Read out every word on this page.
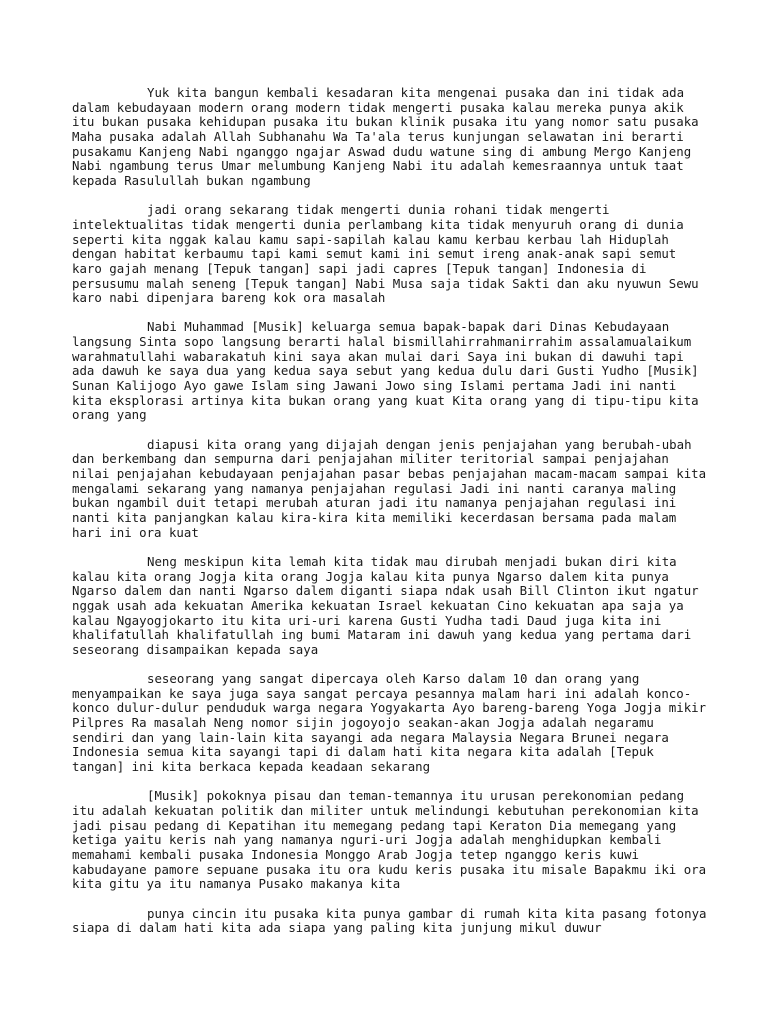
Yuk kita bangun kembali kesadaran kita mengenai pusaka dan ini tidak ada dalam kebudayaan modern orang modern tidak mengerti pusaka kalau mereka punya akik itu bukan pusaka kehidupan pusaka itu bukan klinik pusaka itu yang nomor satu pusaka Maha pusaka adalah Allah Subhanahu Wa Ta'ala terus kunjungan selawatan ini berarti pusakamu Kanjeng Nabi nganggo ngajar Aswad dudu watune sing di ambung Mergo Kanjeng Nabi ngambung terus Umar melumbung Kanjeng Nabi itu adalah kemesraannya untuk taat kepada Rasulullah bukan ngambung

jadi orang sekarang tidak mengerti dunia rohani tidak mengerti intelektualitas tidak mengerti dunia perlambang kita tidak menyuruh orang di dunia seperti kita nggak kalau kamu sapi-sapilah kalau kamu kerbau kerbau lah Hiduplah dengan habitat kerbaumu tapi kami semut kami ini semut ireng anak-anak sapi semut karo gajah menang [Tepuk tangan] sapi jadi capres [Tepuk tangan] Indonesia di persusumu malah seneng [Tepuk tangan] Nabi Musa saja tidak Sakti dan aku nyuwun Sewu karo nabi dipenjara bareng kok ora masalah

Nabi Muhammad [Musik] keluarga semua bapak-bapak dari Dinas Kebudayaan langsung Sinta sopo langsung berarti halal bismillahirrahmanirrahim assalamualaikum warahmatullahi wabarakatuh kini saya akan mulai dari Saya ini bukan di dawuhi tapi ada dawuh ke saya dua yang kedua saya sebut yang kedua dulu dari Gusti Yudho [Musik] Sunan Kalijogo Ayo gawe Islam sing Jawani Jowo sing Islami pertama Jadi ini nanti kita eksplorasi artinya kita bukan orang yang kuat Kita orang yang di tipu-tipu kita orang yang

diapusi kita orang yang dijajah dengan jenis penjajahan yang berubah-ubah dan berkembang dan sempurna dari penjajahan militer teritorial sampai penjajahan nilai penjajahan kebudayaan penjajahan pasar bebas penjajahan macam-macam sampai kita mengalami sekarang yang namanya penjajahan regulasi Jadi ini nanti caranya maling bukan ngambil duit tetapi merubah aturan jadi itu namanya penjajahan regulasi ini nanti kita panjangkan kalau kira-kira kita memiliki kecerdasan bersama pada malam hari ini ora kuat

Neng meskipun kita lemah kita tidak mau dirubah menjadi bukan diri kita kalau kita orang Jogja kita orang Jogja kalau kita punya Ngarso dalem kita punya Ngarso dalem dan nanti Ngarso dalem diganti siapa ndak usah Bill Clinton ikut ngatur nggak usah ada kekuatan Amerika kekuatan Israel kekuatan Cino kekuatan apa saja ya kalau Ngayogjokarto itu kita uri-uri karena Gusti Yudha tadi Daud juga kita ini khalifatullah khalifatullah ing bumi Mataram ini dawuh yang kedua yang pertama dari seseorang disampaikan kepada saya

seseorang yang sangat dipercaya oleh Karso dalam 10 dan orang yang menyampaikan ke saya juga saya sangat percaya pesannya malam hari ini adalah konco-konco dulur-dulur penduduk warga negara Yogyakarta Ayo bareng-bareng Yoga Jogja mikir Pilpres Ra masalah Neng nomor sijin jogoyojo seakan-akan Jogja adalah negaramu sendiri dan yang lain-lain kita sayangi ada negara Malaysia Negara Brunei negara Indonesia semua kita sayangi tapi di dalam hati kita negara kita adalah [Tepuk tangan] ini kita berkaca kepada keadaan sekarang

[Musik] pokoknya pisau dan teman-temannya itu urusan perekonomian pedang itu adalah kekuatan politik dan militer untuk melindungi kebutuhan perekonomian kita jadi pisau pedang di Kepatihan itu memegang pedang tapi Keraton Dia memegang yang ketiga yaitu keris nah yang namanya nguri-uri Jogja adalah menghidupkan kembali memahami kembali pusaka Indonesia Monggo Arab Jogja tetep nganggo keris kuwi kabudayane pamore sepuane pusaka itu ora kudu keris pusaka itu misale Bapakmu iki ora kita gitu ya itu namanya Pusako makanya kita

punya cincin itu pusaka kita punya gambar di rumah kita kita pasang fotonya siapa di dalam hati kita ada siapa yang paling kita junjung mikul duwur
